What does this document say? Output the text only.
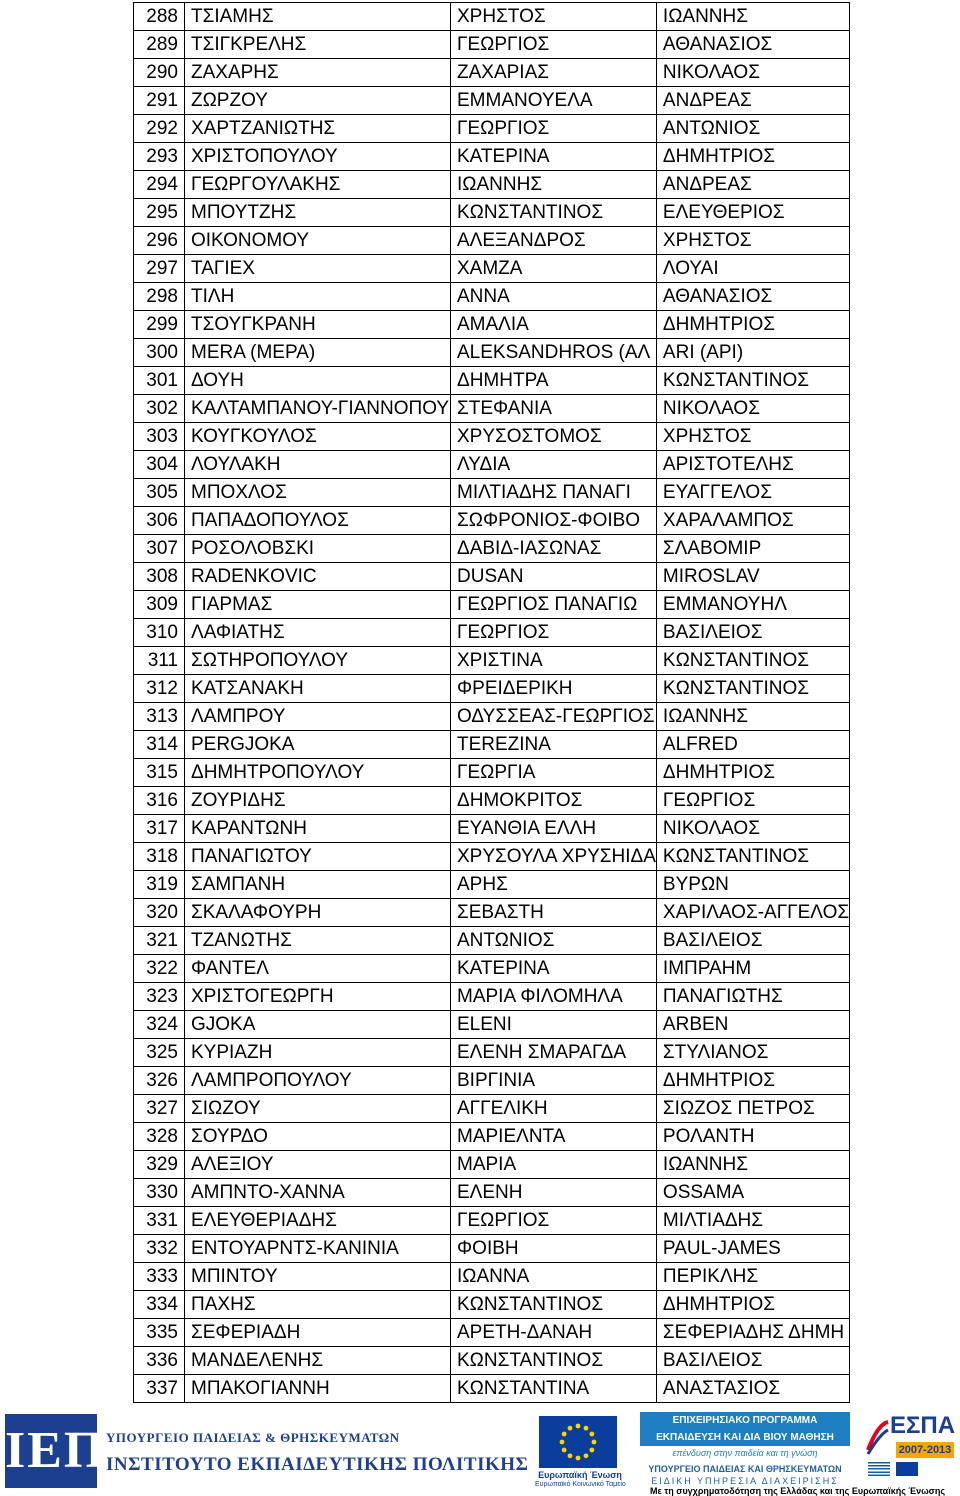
288	ΤΣΙΑΜΗΣ	ΧΡΗΣΤΟΣ	ΙΩΑΝΝΗΣ
289	ΤΣΙΓΚΡΕΛΗΣ	ΓΕΩΡΓΙΟΣ	ΑΘΑΝΑΣΙΟΣ
290	ΖΑΧΑΡΗΣ	ΖΑΧΑΡΙΑΣ	ΝΙΚΟΛΑΟΣ
291	ΖΩΡΖΟΥ	ΕΜΜΑΝΟΥΕΛΑ	ΑΝΔΡΕΑΣ
292	ΧΑΡΤΖΑΝΙΩΤΗΣ	ΓΕΩΡΓΙΟΣ	ΑΝΤΩΝΙΟΣ
293	ΧΡΙΣΤΟΠΟΥΛΟΥ	ΚΑΤΕΡΙΝΑ	ΔΗΜΗΤΡΙΟΣ
294	ΓΕΩΡΓΟΥΛΑΚΗΣ	ΙΩΑΝΝΗΣ	ΑΝΔΡΕΑΣ
295	ΜΠΟΥΤΖΗΣ	ΚΩΝΣΤΑΝΤΙΝΟΣ	ΕΛΕΥΘΕΡΙΟΣ
296	ΟΙΚΟΝΟΜΟΥ	ΑΛΕΞΑΝΔΡΟΣ	ΧΡΗΣΤΟΣ
297	ΤΑΓΙΕΧ	ΧΑΜΖΑ	ΛΟΥΑΙ
298	ΤΙΛΗ	ΑΝΝΑ	ΑΘΑΝΑΣΙΟΣ
299	ΤΣΟΥΓΚΡΑΝΗ	ΑΜΑΛΙΑ	ΔΗΜΗΤΡΙΟΣ
300	MERA (ΜΕΡΑ)	ALEKSANDHROS (ΑΛ	ARI (ΑΡΙ)
301	ΔΟΥΗ	ΔΗΜΗΤΡΑ	ΚΩΝΣΤΑΝΤΙΝΟΣ
302	ΚΑΛΤΑΜΠΑΝΟΥ-ΓΙΑΝΝΟΠΟΥ	ΣΤΕΦΑΝΙΑ	ΝΙΚΟΛΑΟΣ
303	ΚΟΥΓΚΟΥΛΟΣ	ΧΡΥΣΟΣΤΟΜΟΣ	ΧΡΗΣΤΟΣ
304	ΛΟΥΛΑΚΗ	ΛΥΔΙΑ	ΑΡΙΣΤΟΤΕΛΗΣ
305	ΜΠΟΧΛΟΣ	ΜΙΛΤΙΑΔΗΣ ΠΑΝΑΓΙ	ΕΥΑΓΓΕΛΟΣ
306	ΠΑΠΑΔΟΠΟΥΛΟΣ	ΣΩΦΡΟΝΙΟΣ-ΦΟΙΒΟ	ΧΑΡΑΛΑΜΠΟΣ
307	ΡΟΣΟΛΟΒΣΚΙ	ΔΑΒΙΔ-ΙΑΣΩΝΑΣ	ΣΛΑΒΟΜΙΡ
308	RADENKOVIC	DUSAN	MIROSLAV
309	ΓΙΑΡΜΑΣ	ΓΕΩΡΓΙΟΣ ΠΑΝΑΓΙΩ	ΕΜΜΑΝΟΥΗΛ
310	ΛΑΦΙΑΤΗΣ	ΓΕΩΡΓΙΟΣ	ΒΑΣΙΛΕΙΟΣ
311	ΣΩΤΗΡΟΠΟΥΛΟΥ	ΧΡΙΣΤΙΝΑ	ΚΩΝΣΤΑΝΤΙΝΟΣ
312	ΚΑΤΣΑΝΑΚΗ	ΦΡΕΙΔΕΡΙΚΗ	ΚΩΝΣΤΑΝΤΙΝΟΣ
313	ΛΑΜΠΡΟΥ	ΟΔΥΣΣΕΑΣ-ΓΕΩΡΓΙΟΣ	ΙΩΑΝΝΗΣ
314	PERGJOKA	TEREZINA	ALFRED
315	ΔΗΜΗΤΡΟΠΟΥΛΟΥ	ΓΕΩΡΓΙΑ	ΔΗΜΗΤΡΙΟΣ
316	ΖΟΥΡΙΔΗΣ	ΔΗΜΟΚΡΙΤΟΣ	ΓΕΩΡΓΙΟΣ
317	ΚΑΡΑΝΤΩΝΗ	ΕΥΑΝΘΙΑ ΕΛΛΗ	ΝΙΚΟΛΑΟΣ
318	ΠΑΝΑΓΙΩΤΟΥ	ΧΡΥΣΟΥΛΑ ΧΡΥΣΗΙΔΑ	ΚΩΝΣΤΑΝΤΙΝΟΣ
319	ΣΑΜΠΑΝΗ	ΑΡΗΣ	ΒΥΡΩΝ
320	ΣΚΑΛΑΦΟΥΡΗ	ΣΕΒΑΣΤΗ	ΧΑΡΙΛΑΟΣ-ΑΓΓΕΛΟΣ
321	ΤΖΑΝΩΤΗΣ	ΑΝΤΩΝΙΟΣ	ΒΑΣΙΛΕΙΟΣ
322	ΦΑΝΤΕΛ	ΚΑΤΕΡΙΝΑ	ΙΜΠΡΑΗΜ
323	ΧΡΙΣΤΟΓΕΩΡΓΗ	ΜΑΡΙΑ ΦΙΛΟΜΗΛΑ	ΠΑΝΑΓΙΩΤΗΣ
324	GJOKA	ELENI	ARBEN
325	ΚΥΡΙΑΖΗ	ΕΛΕΝΗ ΣΜΑΡΑΓΔΑ	ΣΤΥΛΙΑΝΟΣ
326	ΛΑΜΠΡΟΠΟΥΛΟΥ	ΒΙΡΓΙΝΙΑ	ΔΗΜΗΤΡΙΟΣ
327	ΣΙΩΖΟΥ	ΑΓΓΕΛΙΚΗ	ΣΙΩΖΟΣ ΠΕΤΡΟΣ
328	ΣΟΥΡΔΟ	ΜΑΡΙΕΛΝΤΑ	ΡΟΛΑΝΤΗ
329	ΑΛΕΞΙΟΥ	ΜΑΡΙΑ	ΙΩΑΝΝΗΣ
330	ΑΜΠΝΤΟ-ΧΑΝΝΑ	ΕΛΕΝΗ	OSSAMA
331	ΕΛΕΥΘΕΡΙΑΔΗΣ	ΓΕΩΡΓΙΟΣ	ΜΙΛΤΙΑΔΗΣ
332	ΕΝΤΟΥΑΡΝΤΣ-ΚΑΝΙΝΙΑ	ΦΟΙΒΗ	PAUL-JAMES
333	ΜΠΙΝΤΟΥ	ΙΩΑΝΝΑ	ΠΕΡΙΚΛΗΣ
334	ΠΑΧΗΣ	ΚΩΝΣΤΑΝΤΙΝΟΣ	ΔΗΜΗΤΡΙΟΣ
335	ΣΕΦΕΡΙΑΔΗ	ΑΡΕΤΗ-ΔΑΝΑΗ	ΣΕΦΕΡΙΑΔΗΣ ΔΗΜΗ
336	ΜΑΝΔΕΛΕΝΗΣ	ΚΩΝΣΤΑΝΤΙΝΟΣ	ΒΑΣΙΛΕΙΟΣ
337	ΜΠΑΚΟΓΙΑΝΝΗ	ΚΩΝΣΤΑΝΤΙΝΑ	ΑΝΑΣΤΑΣΙΟΣ
ΙΕΠ ΥΠΟΥΡΓΕΙΟ ΠΑΙΔΕΙΑΣ & ΘΡΗΣΚΕΥΜΑΤΩΝ
ΙΝΣΤΙΤΟΥΤΟ ΕΚΠΑΙΔΕΥΤΙΚΗΣ ΠΟΛΙΤΙΚΗΣ	Ευρωπαϊκή Ένωση
Ευρωπαϊκό Κοινωνικό Ταμείο
ΕΠΙΧΕΙΡΗΣΙΑΚΟ ΠΡΟΓΡΑΜΜΑ
ΕΚΠΑΙΔΕΥΣΗ ΚΑΙ ΔΙΑ ΒΙΟΥ ΜΑΘΗΣΗ
επένδυση στην παιδεία και τη γνώση
ΥΠΟΥΡΓΕΙΟ ΠΑΙΔΕΙΑΣ ΚΑΙ ΘΡΗΣΚΕΥΜΑΤΩΝ
ΕΙΔΙΚΗ ΥΠΗΡΕΣΙΑ ΔΙΑΧΕΙΡΙΣΗΣ
Με τη συγχρηματοδότηση της Ελλάδας και της Ευρωπαϊκής Ένωσης
ΕΣΠΑ
2007-2013
